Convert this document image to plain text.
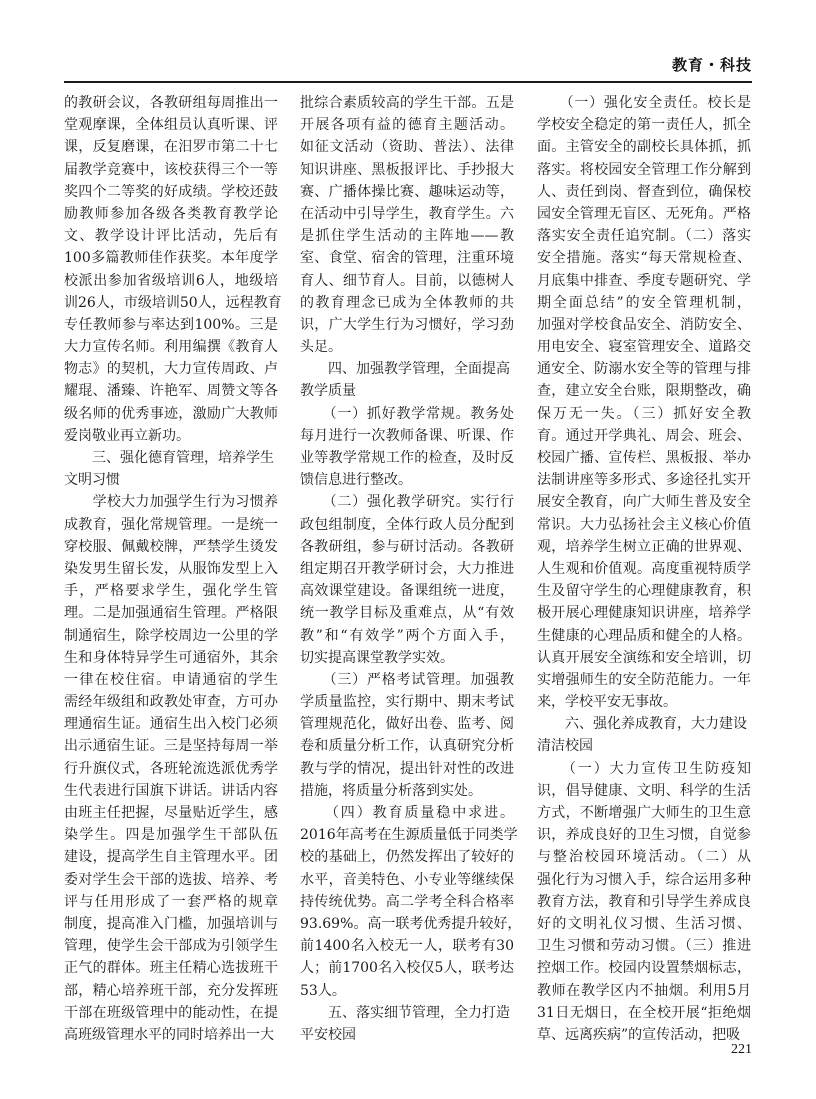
教育・科技
的教研会议，各教研组每周推出一
堂观摩课，全体组员认真听课、评
课，反复磨课，在汨罗市第二十七
届教学竞赛中，该校获得三个一等
奖四个二等奖的好成绩。学校还鼓
励教师参加各级各类教育教学论
文、教学设计评比活动，先后有
100多篇教师佳作获奖。本年度学
校派出参加省级培训6人，地级培
训26人，市级培训50人，远程教育
专任教师参与率达到100%。三是
大力宣传名师。利用编撰《教育人
物志》的契机，大力宣传周政、卢
耀琨、潘臻、许艳军、周赞文等各
级名师的优秀事迹，激励广大教师
爱岗敬业再立新功。
　　三、强化德育管理，培养学生
文明习惯
　　学校大力加强学生行为习惯养
成教育，强化常规管理。一是统一
穿校服、佩戴校牌，严禁学生烫发
染发男生留长发，从服饰发型上入
手，严格要求学生，强化学生管
理。二是加强通宿生管理。严格限
制通宿生，除学校周边一公里的学
生和身体特异学生可通宿外，其余
一律在校住宿。申请通宿的学生
需经年级组和政教处审查，方可办
理通宿生证。通宿生出入校门必须
出示通宿生证。三是坚持每周一举
行升旗仪式，各班轮流选派优秀学
生代表进行国旗下讲话。讲话内容
由班主任把握，尽量贴近学生，感
染学生。四是加强学生干部队伍
建设，提高学生自主管理水平。团
委对学生会干部的选拔、培养、考
评与任用形成了一套严格的规章
制度，提高准入门槛，加强培训与
管理，使学生会干部成为引领学生
正气的群体。班主任精心选拔班干
部，精心培养班干部，充分发挥班
干部在班级管理中的能动性，在提
高班级管理水平的同时培养出一大
批综合素质较高的学生干部。五是
开展各项有益的德育主题活动。
如征文活动（资助、普法）、法律
知识讲座、黑板报评比、手抄报大
赛、广播体操比赛、趣味运动等，
在活动中引导学生，教育学生。六
是抓住学生活动的主阵地——教
室、食堂、宿舍的管理，注重环境
育人、细节育人。目前，以德树人
的教育理念已成为全体教师的共
识，广大学生行为习惯好，学习劲
头足。
　　四、加强教学管理，全面提高
教学质量
　　（一）抓好教学常规。教务处
每月进行一次教师备课、听课、作
业等教学常规工作的检查，及时反
馈信息进行整改。
　　（二）强化教学研究。实行行
政包组制度，全体行政人员分配到
各教研组，参与研讨活动。各教研
组定期召开教学研讨会，大力推进
高效课堂建设。备课组统一进度，
统一教学目标及重难点，从“有效
教”和“有效学”两个方面入手，
切实提高课堂教学实效。
　　（三）严格考试管理。加强教
学质量监控，实行期中、期末考试
管理规范化，做好出卷、监考、阅
卷和质量分析工作，认真研究分析
教与学的情况，提出针对性的改进
措施，将质量分析落到实处。
　　（四）教育质量稳中求进。
2016年高考在生源质量低于同类学
校的基础上，仍然发挥出了较好的
水平，音美特色、小专业等继续保
持传统优势。高二学考全科合格率
93.69%。高一联考优秀提升较好，
前1400名入校无一人，联考有30
人；前1700名入校仅5人，联考达
53人。
　　五、落实细节管理，全力打造
平安校园
　　（一）强化安全责任。校长是
学校安全稳定的第一责任人，抓全
面。主管安全的副校长具体抓，抓
落实。将校园安全管理工作分解到
人、责任到岗、督查到位，确保校
园安全管理无盲区、无死角。严格
落实安全责任追究制。（二）落实
安全措施。落实“每天常规检查、
月底集中排查、季度专题研究、学
期全面总结”的安全管理机制，
加强对学校食品安全、消防安全、
用电安全、寝室管理安全、道路交
通安全、防溺水安全等的管理与排
查，建立安全台账，限期整改，确
保万无一失。（三）抓好安全教
育。通过开学典礼、周会、班会、
校园广播、宣传栏、黑板报、举办
法制讲座等多形式、多途径扎实开
展安全教育，向广大师生普及安全
常识。大力弘扬社会主义核心价值
观，培养学生树立正确的世界观、
人生观和价值观。高度重视特质学
生及留守学生的心理健康教育，积
极开展心理健康知识讲座，培养学
生健康的心理品质和健全的人格。
认真开展安全演练和安全培训，切
实增强师生的安全防范能力。一年
来，学校平安无事故。
　　六、强化养成教育，大力建设
清洁校园
　　（一）大力宣传卫生防疫知
识，倡导健康、文明、科学的生活
方式，不断增强广大师生的卫生意
识，养成良好的卫生习惯，自觉参
与整治校园环境活动。（二）从
强化行为习惯入手，综合运用多种
教育方法，教育和引导学生养成良
好的文明礼仪习惯、生活习惯、
卫生习惯和劳动习惯。（三）推进
控烟工作。校园内设置禁烟标志，
教师在教学区内不抽烟。利用5月
31日无烟日，在全校开展“拒绝烟
草、远离疾病”的宣传活动，把吸
221
